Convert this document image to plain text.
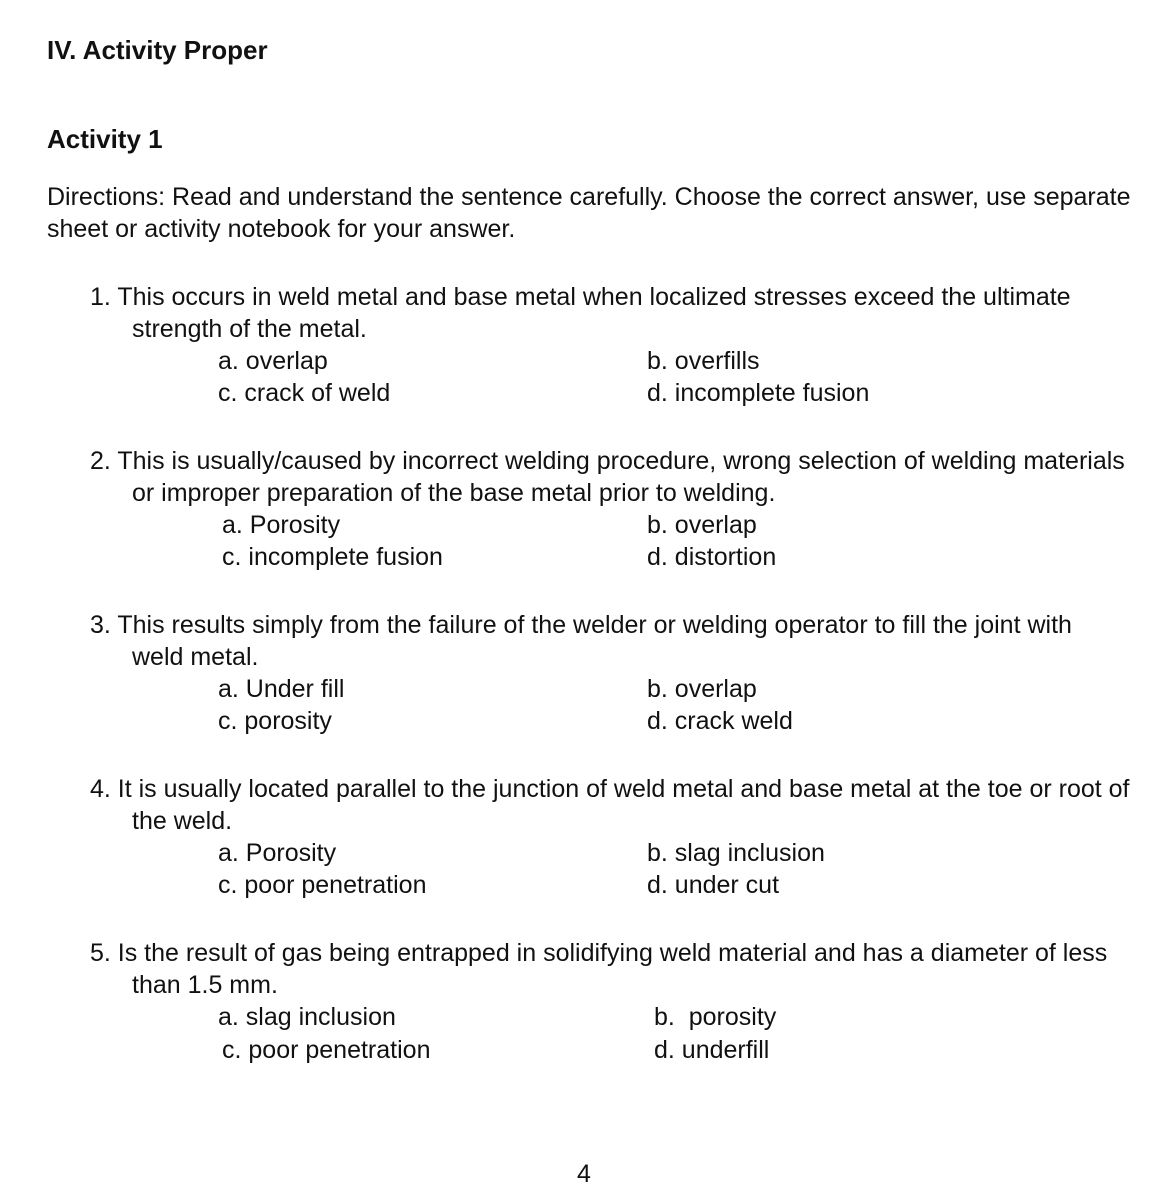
IV. Activity Proper
Activity 1
Directions: Read and understand the sentence carefully. Choose the correct answer, use separate sheet or activity notebook for your answer.
1. This occurs in weld metal and base metal when localized stresses exceed the ultimate strength of the metal.
a. overlap	b. overfills
c. crack of weld	d. incomplete fusion
2. This is usually/caused by incorrect welding procedure, wrong selection of welding materials or improper preparation of the base metal prior to welding.
a. Porosity	b. overlap
c. incomplete fusion	d. distortion
3. This results simply from the failure of the welder or welding operator to fill the joint with weld metal.
a. Under fill	b. overlap
c. porosity	d. crack weld
4. It is usually located parallel to the junction of weld metal and base metal at the toe or root of the weld.
a. Porosity	b. slag inclusion
c. poor penetration	d. under cut
5. Is the result of gas being entrapped in solidifying weld material and has a diameter of less than 1.5 mm.
a. slag inclusion	b.  porosity
c. poor penetration	d. underfill
4
